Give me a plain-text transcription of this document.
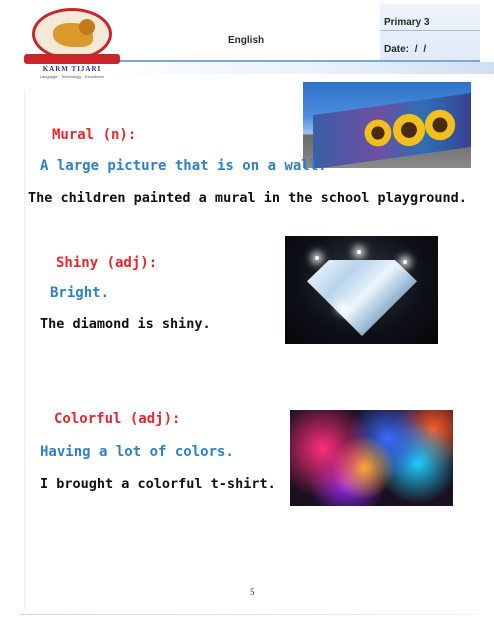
KARM TIJARI
Language · Technology · Excellence
English
Primary 3
Date: / /
Mural (n):
A large picture that is on a wall.
The children painted a mural in the school playground.
Shiny (adj):
Bright.
The diamond is shiny.
Colorful (adj):
Having a lot of colors.
I brought a colorful t-shirt.
5
